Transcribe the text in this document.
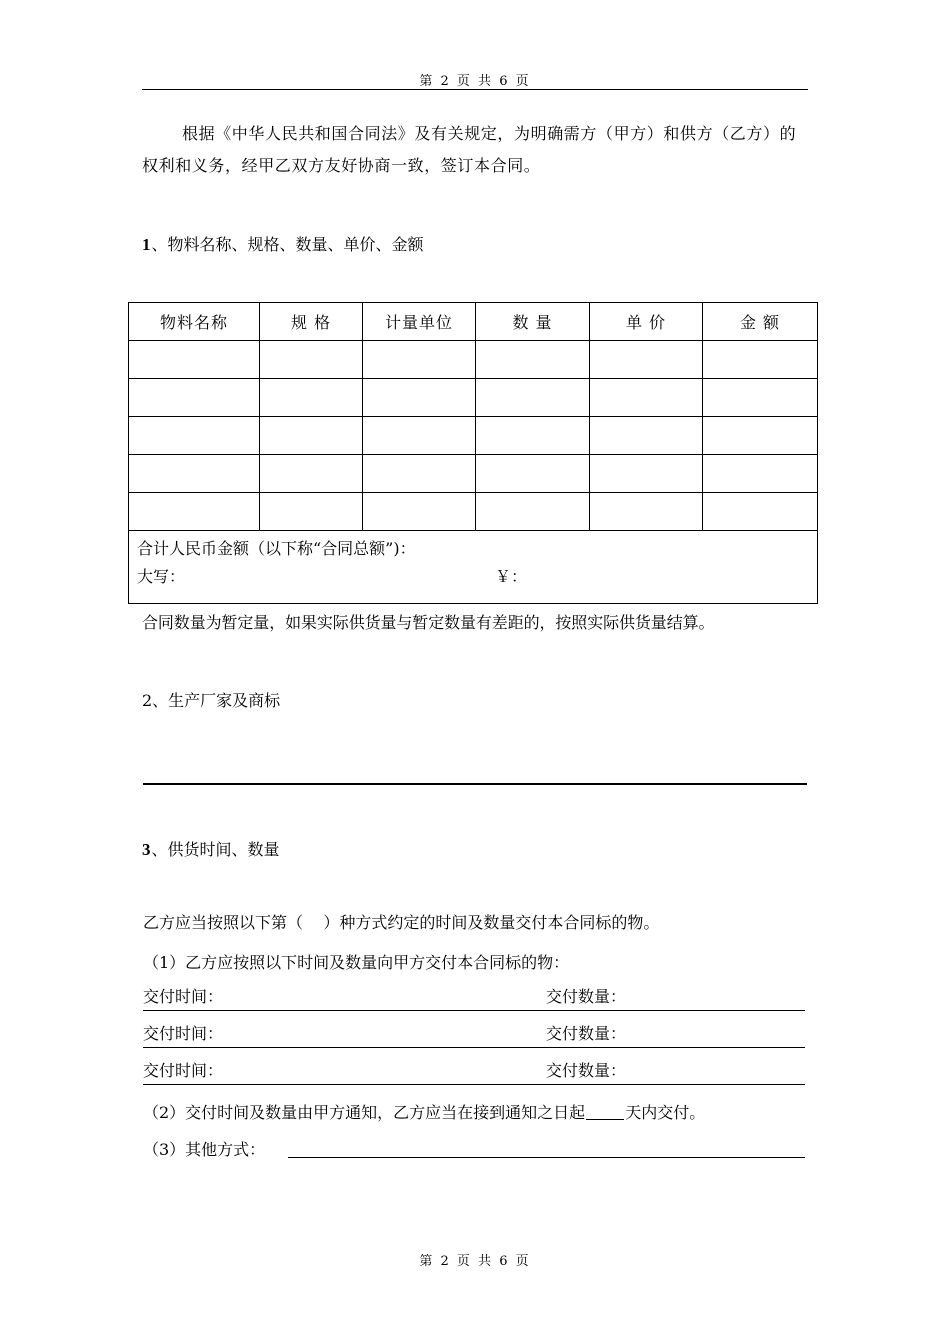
第 2 页 共 6 页
根据《中华人民共和国合同法》及有关规定，为明确需方（甲方）和供方（乙方）的权利和义务，经甲乙双方友好协商一致，签订本合同。
1、物料名称、规格、数量、单价、金额
物料名称	规 格	计量单位	数 量	单 价	金 额

合计人民币金额（以下称“合同总额”)：
大写： ￥：					
合同数量为暂定量，如果实际供货量与暂定数量有差距的，按照实际供货量结算。
2、生产厂家及商标
3、供货时间、数量
乙方应当按照以下第（    ）种方式约定的时间及数量交付本合同标的物。
（1）乙方应按照以下时间及数量向甲方交付本合同标的物：
交付时间：	交付数量：
交付时间：	交付数量：
交付时间：	交付数量：
（2）交付时间及数量由甲方通知，乙方应当在接到通知之日起	天内交付。
（3）其他方式：
第 2 页 共 6 页
